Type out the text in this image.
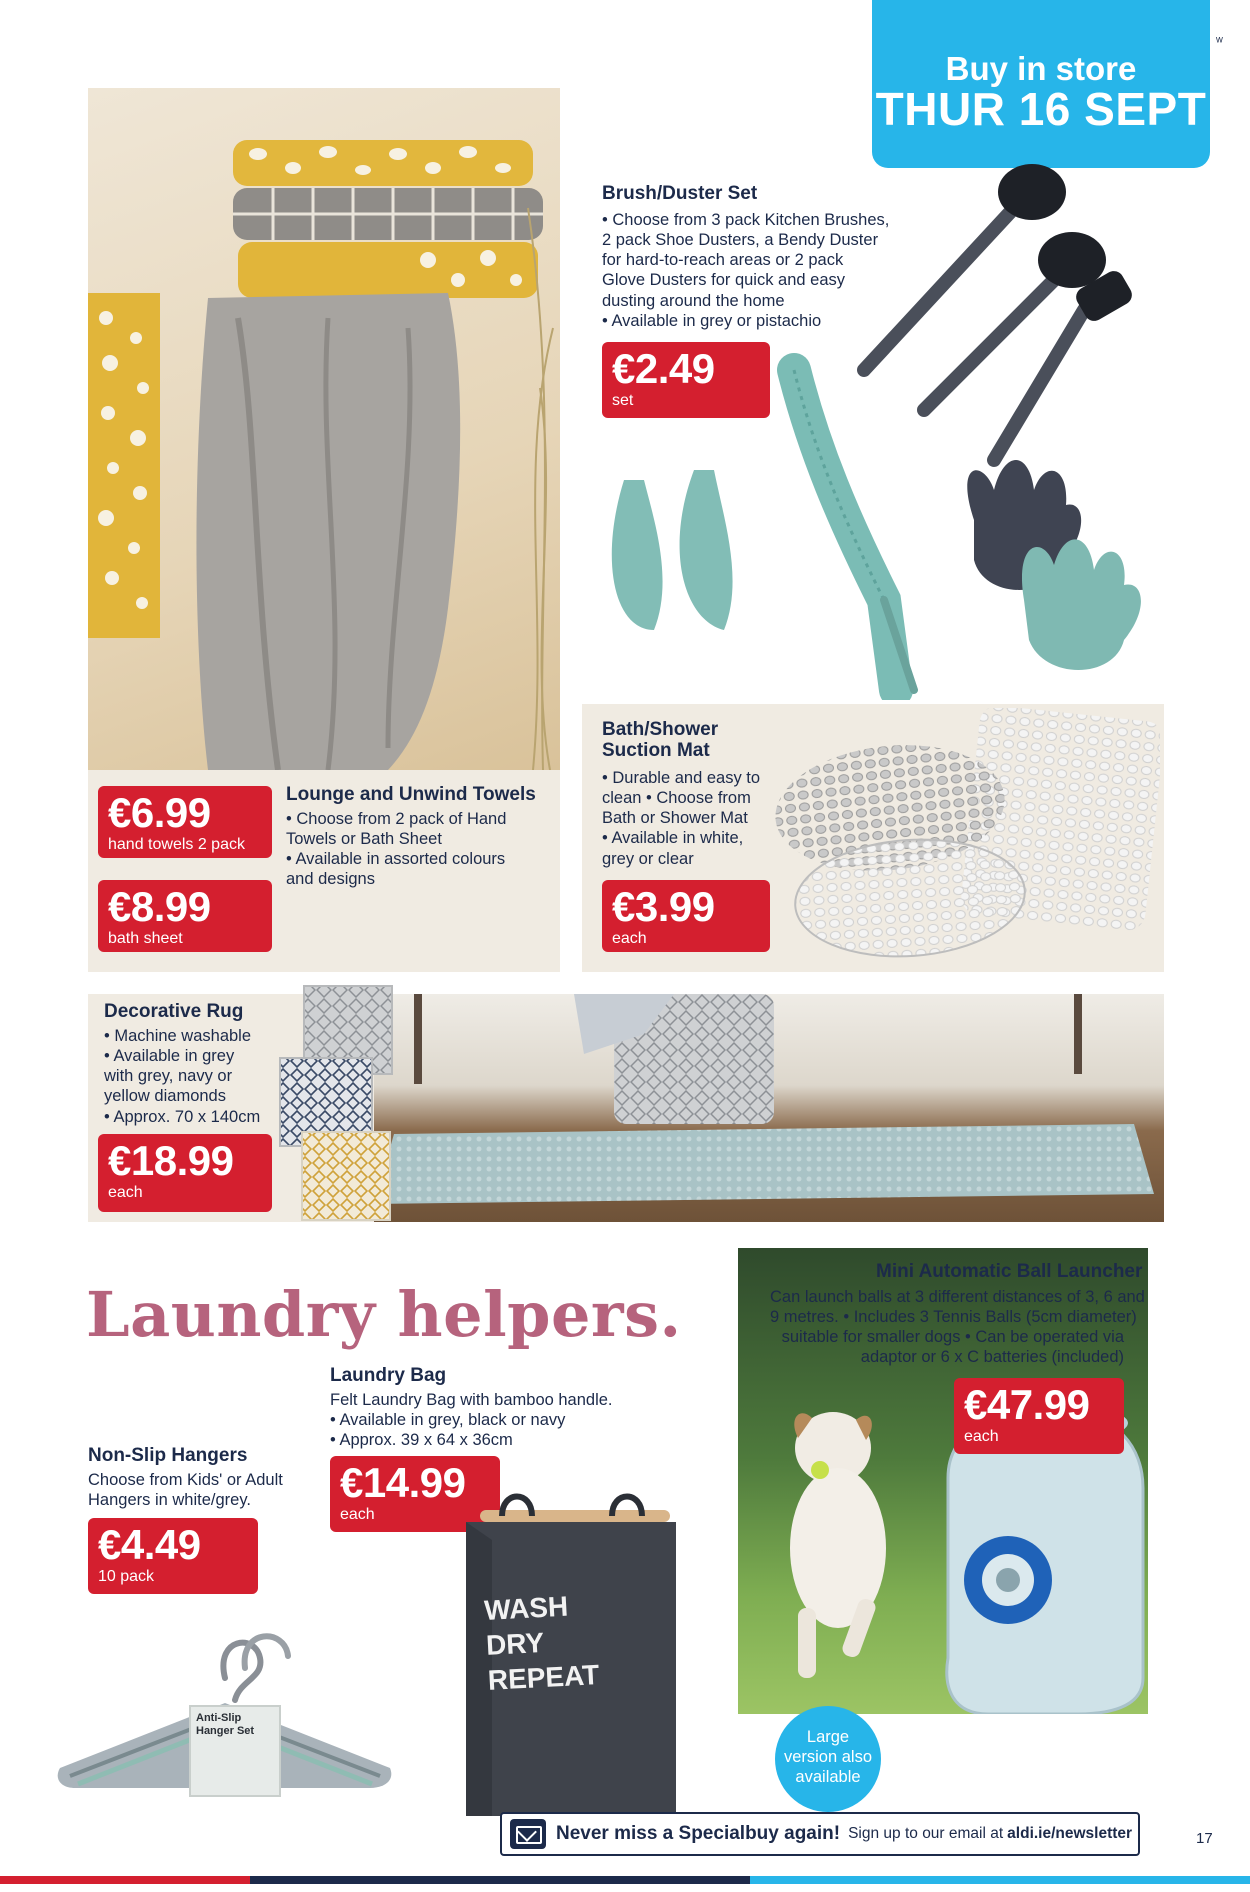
Buy in store
THUR 16 SEPT
ᵂ
€6.99
hand towels 2 pack
€8.99
bath sheet
Lounge and Unwind Towels
• Choose from 2 pack of Hand
Towels or Bath Sheet
• Available in assorted colours
and designs
Brush/Duster Set
• Choose from 3 pack Kitchen Brushes,
2 pack Shoe Dusters, a Bendy Duster
for hard-to-reach areas or 2 pack
Glove Dusters for quick and easy
dusting around the home
• Available in grey or pistachio
€2.49
set
Bath/Shower
Suction Mat
• Durable and easy to
clean • Choose from
Bath or Shower Mat
• Available in white,
grey or clear
€3.99
each
Decorative Rug
• Machine washable
• Available in grey
with grey, navy or
yellow diamonds
• Approx. 70 x 140cm
€18.99
each
Laundry helpers.
Mini Automatic Ball Launcher
Can launch balls at 3 different distances of 3, 6 and
9 metres. • Includes 3 Tennis Balls (5cm diameter)
suitable for smaller dogs • Can be operated via
adaptor or 6 x C batteries (included)
€47.99
each
Large
version also
available
Laundry Bag
Felt Laundry Bag with bamboo handle.
• Available in grey, black or navy
• Approx. 39 x 64 x 36cm
€14.99
each
WASH
DRY
REPEAT
Non-Slip Hangers
Choose from Kids' or Adult
Hangers in white/grey.
€4.49
10 pack
Anti-Slip
Hanger Set
Never miss a Specialbuy again! Sign up to our email at aldi.ie/newsletter	17
